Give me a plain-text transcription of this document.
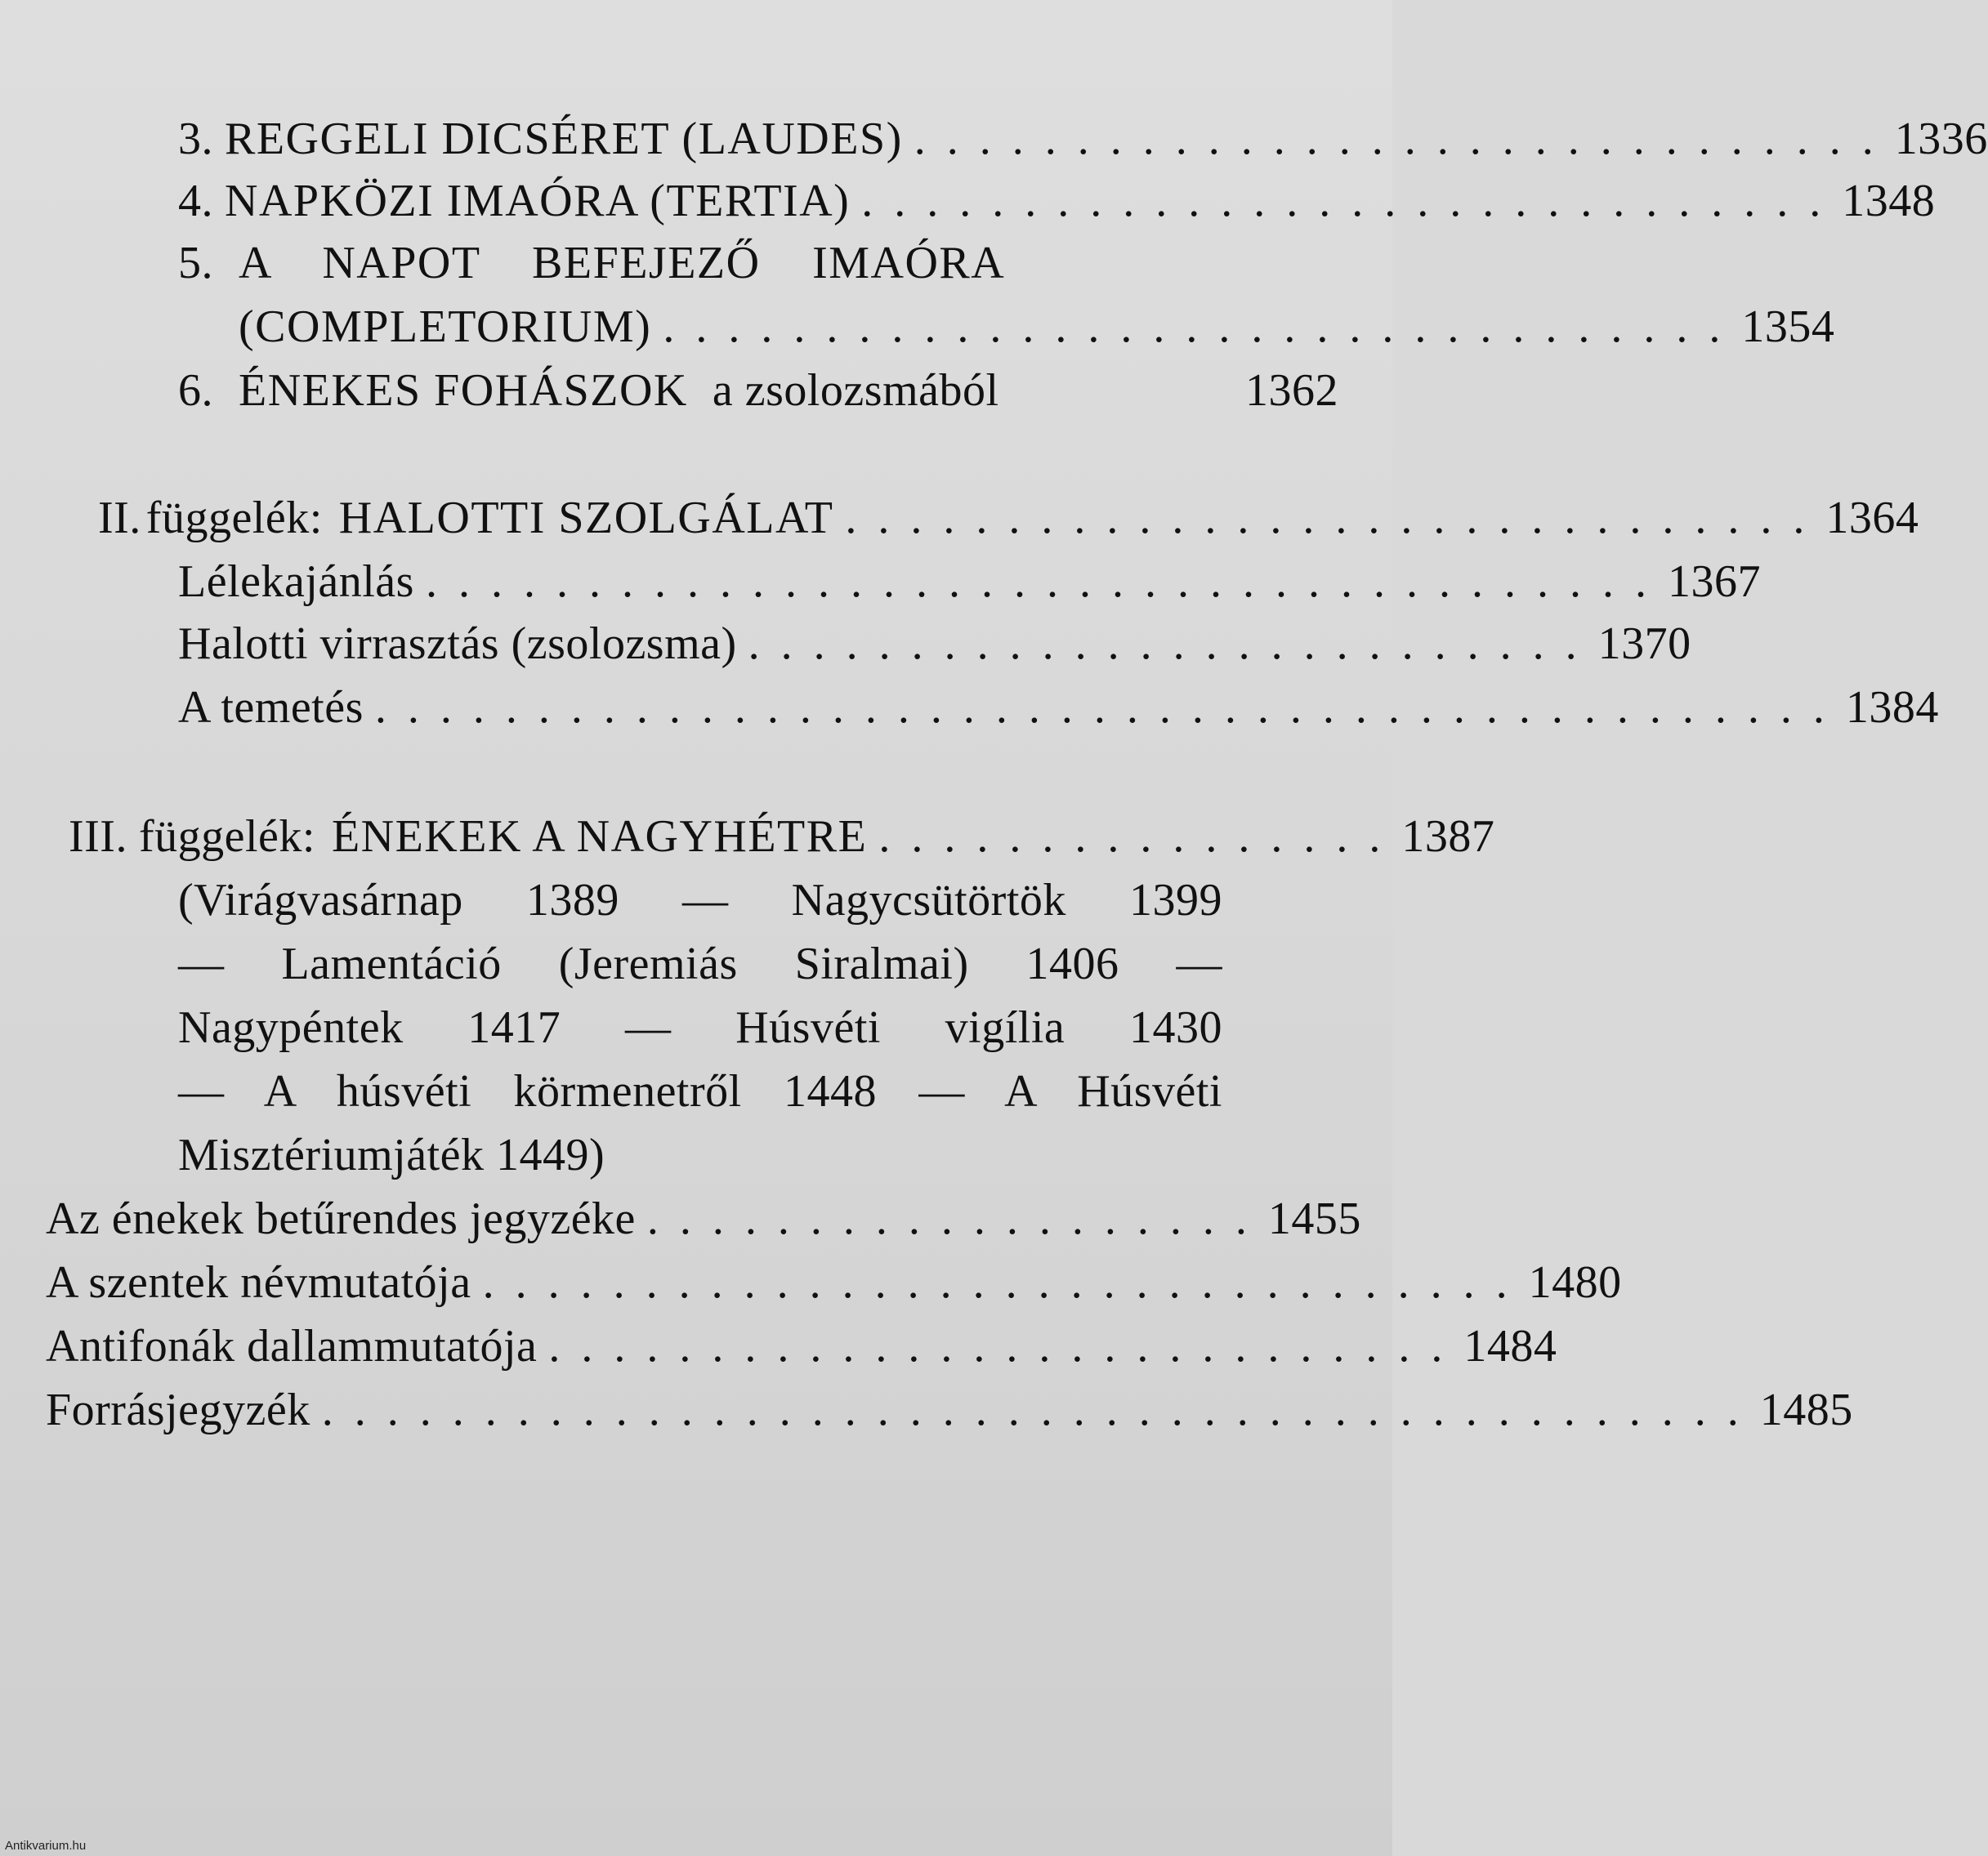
3. REGGELI DICSÉRET (LAUDES) . . . . . . . . . . . . . . . . . . . . . . . . . . . . . . 1336
4. NAPKÖZI IMAÓRA (TERTIA) . . . . . . . . . . . . . . . . . . . . . . . . . . . . . . 1348
5. A NAPOT BEFEJEZŐ IMAÓRA
(COMPLETORIUM) . . . . . . . . . . . . . . . . . . . . . . . . . . . . . . . . . 1354
6. ÉNEKES FOHÁSZOK a zsolozsmából	1362
II. függelék: HALOTTI SZOLGÁLAT . . . . . . . . . . . . . . . . . . . . . . . . . . . . . . 1364
Lélekajánlás . . . . . . . . . . . . . . . . . . . . . . . . . . . . . . . . . . . . . . 1367
Halotti virrasztás (zsolozsma) . . . . . . . . . . . . . . . . . . . . . . . . . . 1370
A temetés . . . . . . . . . . . . . . . . . . . . . . . . . . . . . . . . . . . . . . . . . . . . . 1384
III. függelék: ÉNEKEK A NAGYHÉTRE . . . . . . . . . . . . . . . . 1387
(Virágvasárnap 1389 — Nagycsütörtök 1399
— Lamentáció (Jeremiás Siralmai) 1406 —
Nagypéntek 1417 — Húsvéti vigília 1430
— A húsvéti körmenetről 1448 — A Húsvéti
Misztériumjáték 1449)
Az énekek betűrendes jegyzéke . . . . . . . . . . . . . . . . . . . 1455
A szentek névmutatója . . . . . . . . . . . . . . . . . . . . . . . . . . . . . . . . 1480
Antifonák dallammutatója . . . . . . . . . . . . . . . . . . . . . . . . . . . . 1484
Forrásjegyzék . . . . . . . . . . . . . . . . . . . . . . . . . . . . . . . . . . . . . . . . . . . . 1485
Antikvarium.hu
